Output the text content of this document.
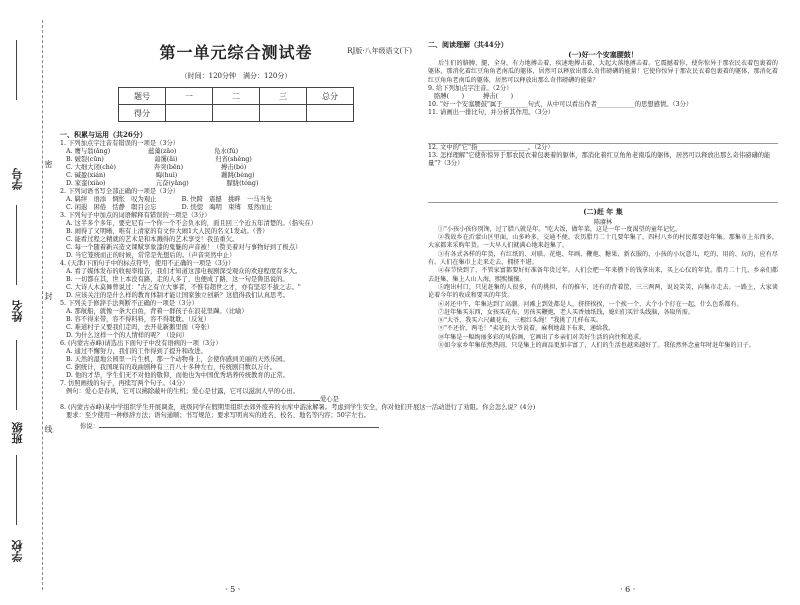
学号
姓名
班级
学校
密
封
线
第一单元综合测试卷	RJ版·八年级语文(下)
（时间：120分钟　满分：120分）
题号	一	二	三	总分
得分				
一、积累与运用（共26分）
1. 下列加点字注音有错误的一项是（3分）
A. 鹰与翁(ǎng)　　　　　　蕴藻(zǎo)　　　　　　凫水(fú)
B. 皴裂(cūn)　　　　　　　　蔼霭(ǎi)　　　　　　归省(shěng)
C. 大细大闭(chè)　　　　　　奔突(bēn)　　　　　　搏击(bó)
C. 碱盈(xián)　　　　　　　　晦(huì)　　　　　　　蹦跳(bèng)
D. 家蛮(xiào)　　　　　　　　亢奋(yǎng)　　　　　　朦胧(tóng)
2. 下列词语书写全部正确的一项是（3分）
A. 羁绊　语添　惆怅　叹为观止　　　　B. 快跨　震撼　挑畔　一马当先
C. 闲遐　困倦　恬静　瞑目会忘　　　　D. 恍惚　晦明　束缚　戛然而止
3. 下列句子中加点的词语解释有错误的一项是（3分）
A. 这半多个多年，要史尼有一个你一个不会负永的，面且回三个近五年清楚的。（指实在）
B. 闹得了又明晰，唯有上清家的有文件大闹1大人民的名义1发动。（普）
C. 能看过程之精就的艺术是和本溅得的艺术享受！我虽重欠。
C. 每一个随着新兴造文课赋享象漆的鬼魅的声音被！（赞美着对与事物好到了极点）
D. 当它笼统而正的时候，常常是先想后的。（声音突然中止）
4. (天津)下面句子中的标点符号，使用不正确的一项是（3分）
A. 看了媒体发布的收视率报告，我们才知道这部电视剧深受观众的欢迎程度有多大。
B. 一切都在其，世上本没有路，走的人多了，也便成了路，这一句是鲁迅说的。
C. 大诗人木莫舞曾说过："古之有立大事者，不惟有超世之才，亦有坚忍不拔之志。"
D. 应该关注的是什么样的教育体制才能让国家独立创新？这值得我们认真思考。
5. 下列关于修辞手法判断不正确的一项是（3分）
A. 那航船，就像一条大白鱼，背着一群孩子在浪花里蹿。（比喻）
B. 容不得来带，容不得料料，容不得耽耽。（反复）
C. 难道村子又要我们走吗，去开花新鹅里面（夸张）
D. 为什么这样一个的人情样的呢？（设问）
6. (内蒙古赤峰)请选出下面句子中没有语病的一项（3分）
A. 通过不懈努力，我们的工作得到了提升和改进。
B. 天然的湿地公园里一片生机，那一个动物身上，会使你感到美丽的天然乐园。
C. 据统计，我国现有的戏曲剧种有三百八十多种左右，传统剧目数以万计。
D. 他的才华，学生们无不对他的敬仰，而他也为中国优秀培养传统教育的正常。
7. 仿照画线的句子，再续写两个句子。（4分）
例句：爱心是春风，它可以拂除蔽叶的生机；爱心是甘露，它可以滋润人早的心田。
爱心是
8. (内蒙古赤峰)某中学组织学生开展调查，班级同学在假期里组织去郊外废弃的水库中游泳解暑。考虑到学生安全，你对他们开展这一活动进行了劝阻。你会怎么说？(4分)
要求：至少使用一种修辞方法；语句通顺；书写规范；要求写明真实的姓名、校名、地名等内容；50字左右。
你说：
· 5 ·
二、阅读理解（共44分）
(一)好一个安塞腰鼓！
后生们的胳膊，腿，全身，有力地搏击着，疾速地搏击着，大起大落地搏击着。它震撼着你，使你惊异于那农民衣着包裹着的躯体，那消化着红豆角角老南瓜的躯体，居然可以释放出那么奇伟磅礴的能量！它使你惊异于那农民衣着包裹着的躯体，那消化着红豆角角老南瓜的躯体，居然可以释放出那么奇伟磅礴的能量？
9. 给下列加点字注音。（2分）
胳膊(　　)　　　搏击(　　)
10. "好一个安塞腰鼓"属于________句式，从中可以看出作者____________的思想感情。（3分）
11. 请画出一排比句，并分析其作用。（3分）
12. 文中的"它"指________________。（2分）
13. 怎样理解"它使你惊异于那农民衣着包裹着的躯体，那消化着红豆角角老南瓜的躯体，居然可以释放出那么奇伟磅礴的能量"?（3分）
(二)赶 年 集
陈赓林
①"小孩小孩你别馋，过了腊八就是年。"吃大饭，做年菜，这是一年一度渴望的童年记忆。
②我故乡在沂蒙山区里面，山多岭多，交通不便。农历腊月二十几要年集了，四村八乡的村民都要赶年集。那集市上东西多，大家都来采购年货。一大早人们就满心地来赶集了。
③有各式各样的年货，有红纸的、对联、花炮、年画、鞭炮、糖果、新衣服的、小孩的小玩意儿，吃的、用的、玩的，应有尽有。人们在集市上走来走去，拥挤不堪。
④春节快到了，不管家富都要好好准备年货过年。人们会把一年来攒下的钱拿出来，买上心仪的年货。腊月二十几，乡亲们都去赶集，集上人山人海，熙熙攘攘。
⑤跑出村口，只见赶集的人很多，有的挑担，有的推车，还有的背着筐，三三两两，说说笑笑，向集市走去。一路上，大家谈论着今年的收成和要买的年货。
⑥对还中午，年集达到了高潮。河滩上到处都是人，挤挤挨挨，一个挨一个，大个小个打在一起，什么色系都有。
⑦赶年集买东西，女孩买花布，男孩买鞭炮，老人买香烛纸钱，媳妇们买针头线脑，各取所需。
⑧"大爷，我买六尺藏花布，三根红头绳！"我挑了几样布买。
⑨"不还价，两毛！"卖花的大爷说着，麻利地裁下布来，递给我。
⑩年集是一幅绚丽多彩的风俗画，它画出了乡亲们对美好生活的向往和追求。
⑪如今家乡年集依然热闹，只是集上的商品更加丰富了，人们的生活也越来越好了。我依然怀念童年时赶年集的日子。
· 6 ·
